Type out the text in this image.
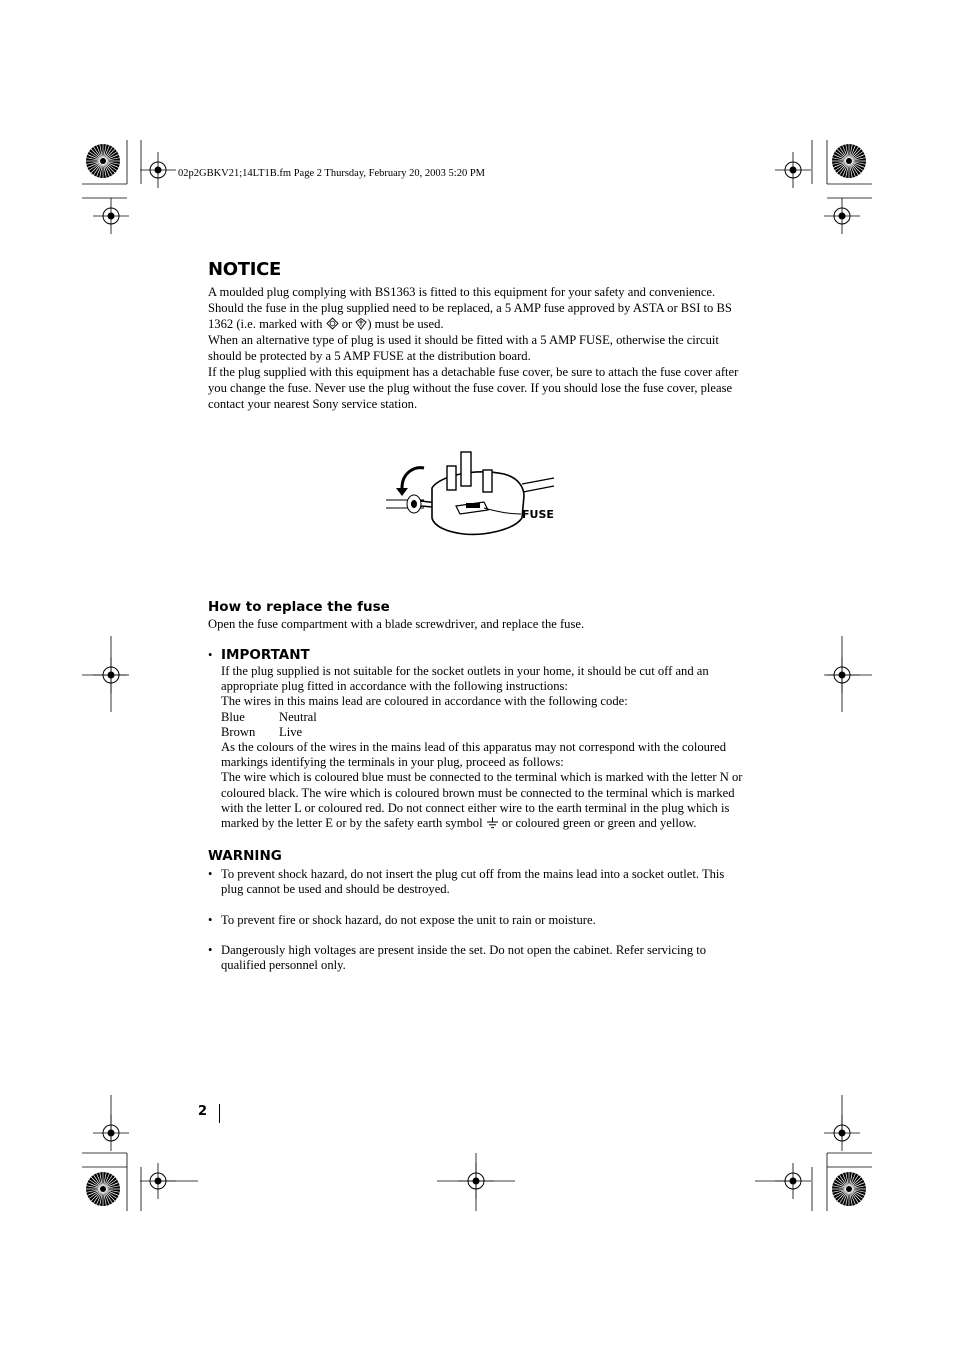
02p2GBKV21;14LT1B.fm Page 2 Thursday, February 20, 2003 5:20 PM
NOTICE

A moulded plug complying with BS1363 is fitted to this equipment for your safety and convenience.

Should the fuse in the plug supplied need to be replaced, a 5 AMP fuse approved by ASTA or BSI to BS 1362 (i.e. marked with or ) must be used.

When an alternative type of plug is used it should be fitted with a 5 AMP FUSE, otherwise the circuit should be protected by a 5 AMP FUSE at the distribution board.

If the plug supplied with this equipment has a detachable fuse cover, be sure to attach the fuse cover after you change the fuse. Never use the plug without the fuse cover. If you should lose the fuse cover, please contact your nearest Sony service station.

FUSE
How to replace the fuse

Open the fuse compartment with a blade screwdriver, and replace the fuse.

• IMPORTANT

If the plug supplied is not suitable for the socket outlets in your home, it should be cut off and an appropriate plug fitted in accordance with the following instructions:

The wires in this mains lead are coloured in accordance with the following code:

Blue	Neutral
Brown	Live

As the colours of the wires in the mains lead of this apparatus may not correspond with the coloured markings identifying the terminals in your plug, proceed as follows:

The wire which is coloured blue must be connected to the terminal which is marked with the letter N or coloured black. The wire which is coloured brown must be connected to the terminal which is marked with the letter L or coloured red. Do not connect either wire to the earth terminal in the plug which is marked by the letter E or by the safety earth symbol or coloured green or green and yellow.

WARNING
• To prevent shock hazard, do not insert the plug cut off from the mains lead into a socket outlet. This plug cannot be used and should be destroyed.
• To prevent fire or shock hazard, do not expose the unit to rain or moisture.
• Dangerously high voltages are present inside the set. Do not open the cabinet. Refer servicing to qualified personnel only.
2
